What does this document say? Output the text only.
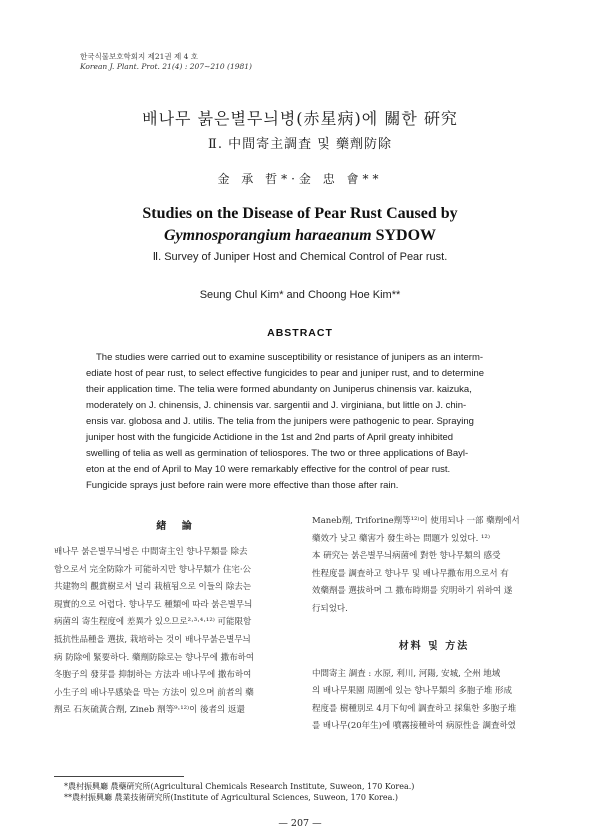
한국식물보호학회지 제21권 제 4 호
Korean J. Plant. Prot. 21(4) : 207∼210 (1981)
배나무 붉은별무늬병(赤星病)에 關한 硏究
Ⅱ. 中間寄主調査 및 藥劑防除
金 承 哲*·金 忠 會**
Studies on the Disease of Pear Rust Caused by
Gymnosporangium haraeanum SYDOW
Ⅱ. Survey of Juniper Host and Chemical Control of Pear rust.
Seung Chul Kim* and Choong Hoe Kim**
ABSTRACT
The studies were carried out to examine susceptibility or resistance of junipers as an interm-
ediate host of pear rust, to select effective fungicides to pear and juniper rust, and to determine
their application time. The telia were formed abundanty on Juniperus chinensis var. kaizuka,
moderately on J. chinensis, J. chinensis var. sargentii and J. virginiana, but little on J. chin-
ensis var. globosa and J. utilis. The telia from the junipers were pathogenic to pear. Spraying
juniper host with the fungicide Actidione in the 1st and 2nd parts of April greaty inhibited
swelling of telia as well as germination of teliospores. The two or three applications of Bayl-
eton at the end of April to May 10 were remarkably effective for the control of pear rust.
Fungicide sprays just before rain were more effective than those after rain.
緖 論
배나무 붉은별무늬병은 中間寄主인 향나무類를 除去
함으로서 完全防除가 可能하지만 향나무類가 住宅·公
共建物의 觀賞樹로서 널리 栽植됨으로 이들의 除去는
現實的으로 어렵다. 향나무도 種類에 따라 붉은별무늬
病菌의 寄生程度에 差異가 있으므로²·³·⁴·¹²⁾ 可能限함
抵抗性品種을 選拔, 栽培하는 것이 배나무붉은별무늬
病 防除에 緊要하다. 藥劑防除로는 향나무에 撒布하여
冬胞子의 發芽를 抑制하는 方法과 배나무에 撒布하여
小生子의 배나무感染을 막는 方法이 있으며 前者의 藥
劑로 石灰硫黃合劑, Zineb 劑等⁹·¹²⁾이 後者의 返還
Maneb劑, Triforine劑等¹²⁾이 使用되나 一部 藥劑에서
藥效가 낮고 藥害가 發生하는 問題가 있었다. ¹²⁾
本 硏究는 붉은별무늬病菌에 對한 향나무類의 感受
性程度를 調査하고 향나무 및 배나무撒布用으로서 有
效藥劑를 選拔하며 그 撒布時期를 究明하기 위하여 遂
行되었다.
材料 및 方法
中間寄主 調査 : 水原, 利川, 河陽, 安城, 仝州 地域
의 배나무果園 周圍에 있는 향나무類의 多胞子堆 形成
程度를 樹種別로 4月下旬에 調査하고 採集한 多胞子堆
를 배나무(20年生)에 噴霧接種하여 病原性을 調査하였
*農村振興廳 農藥硏究所(Agricultural Chemicals Research Institute, Suweon, 170 Korea.)
**農村振興廳 農業技術硏究所(Institute of Agricultural Sciences, Suweon, 170 Korea.)
— 207 —
